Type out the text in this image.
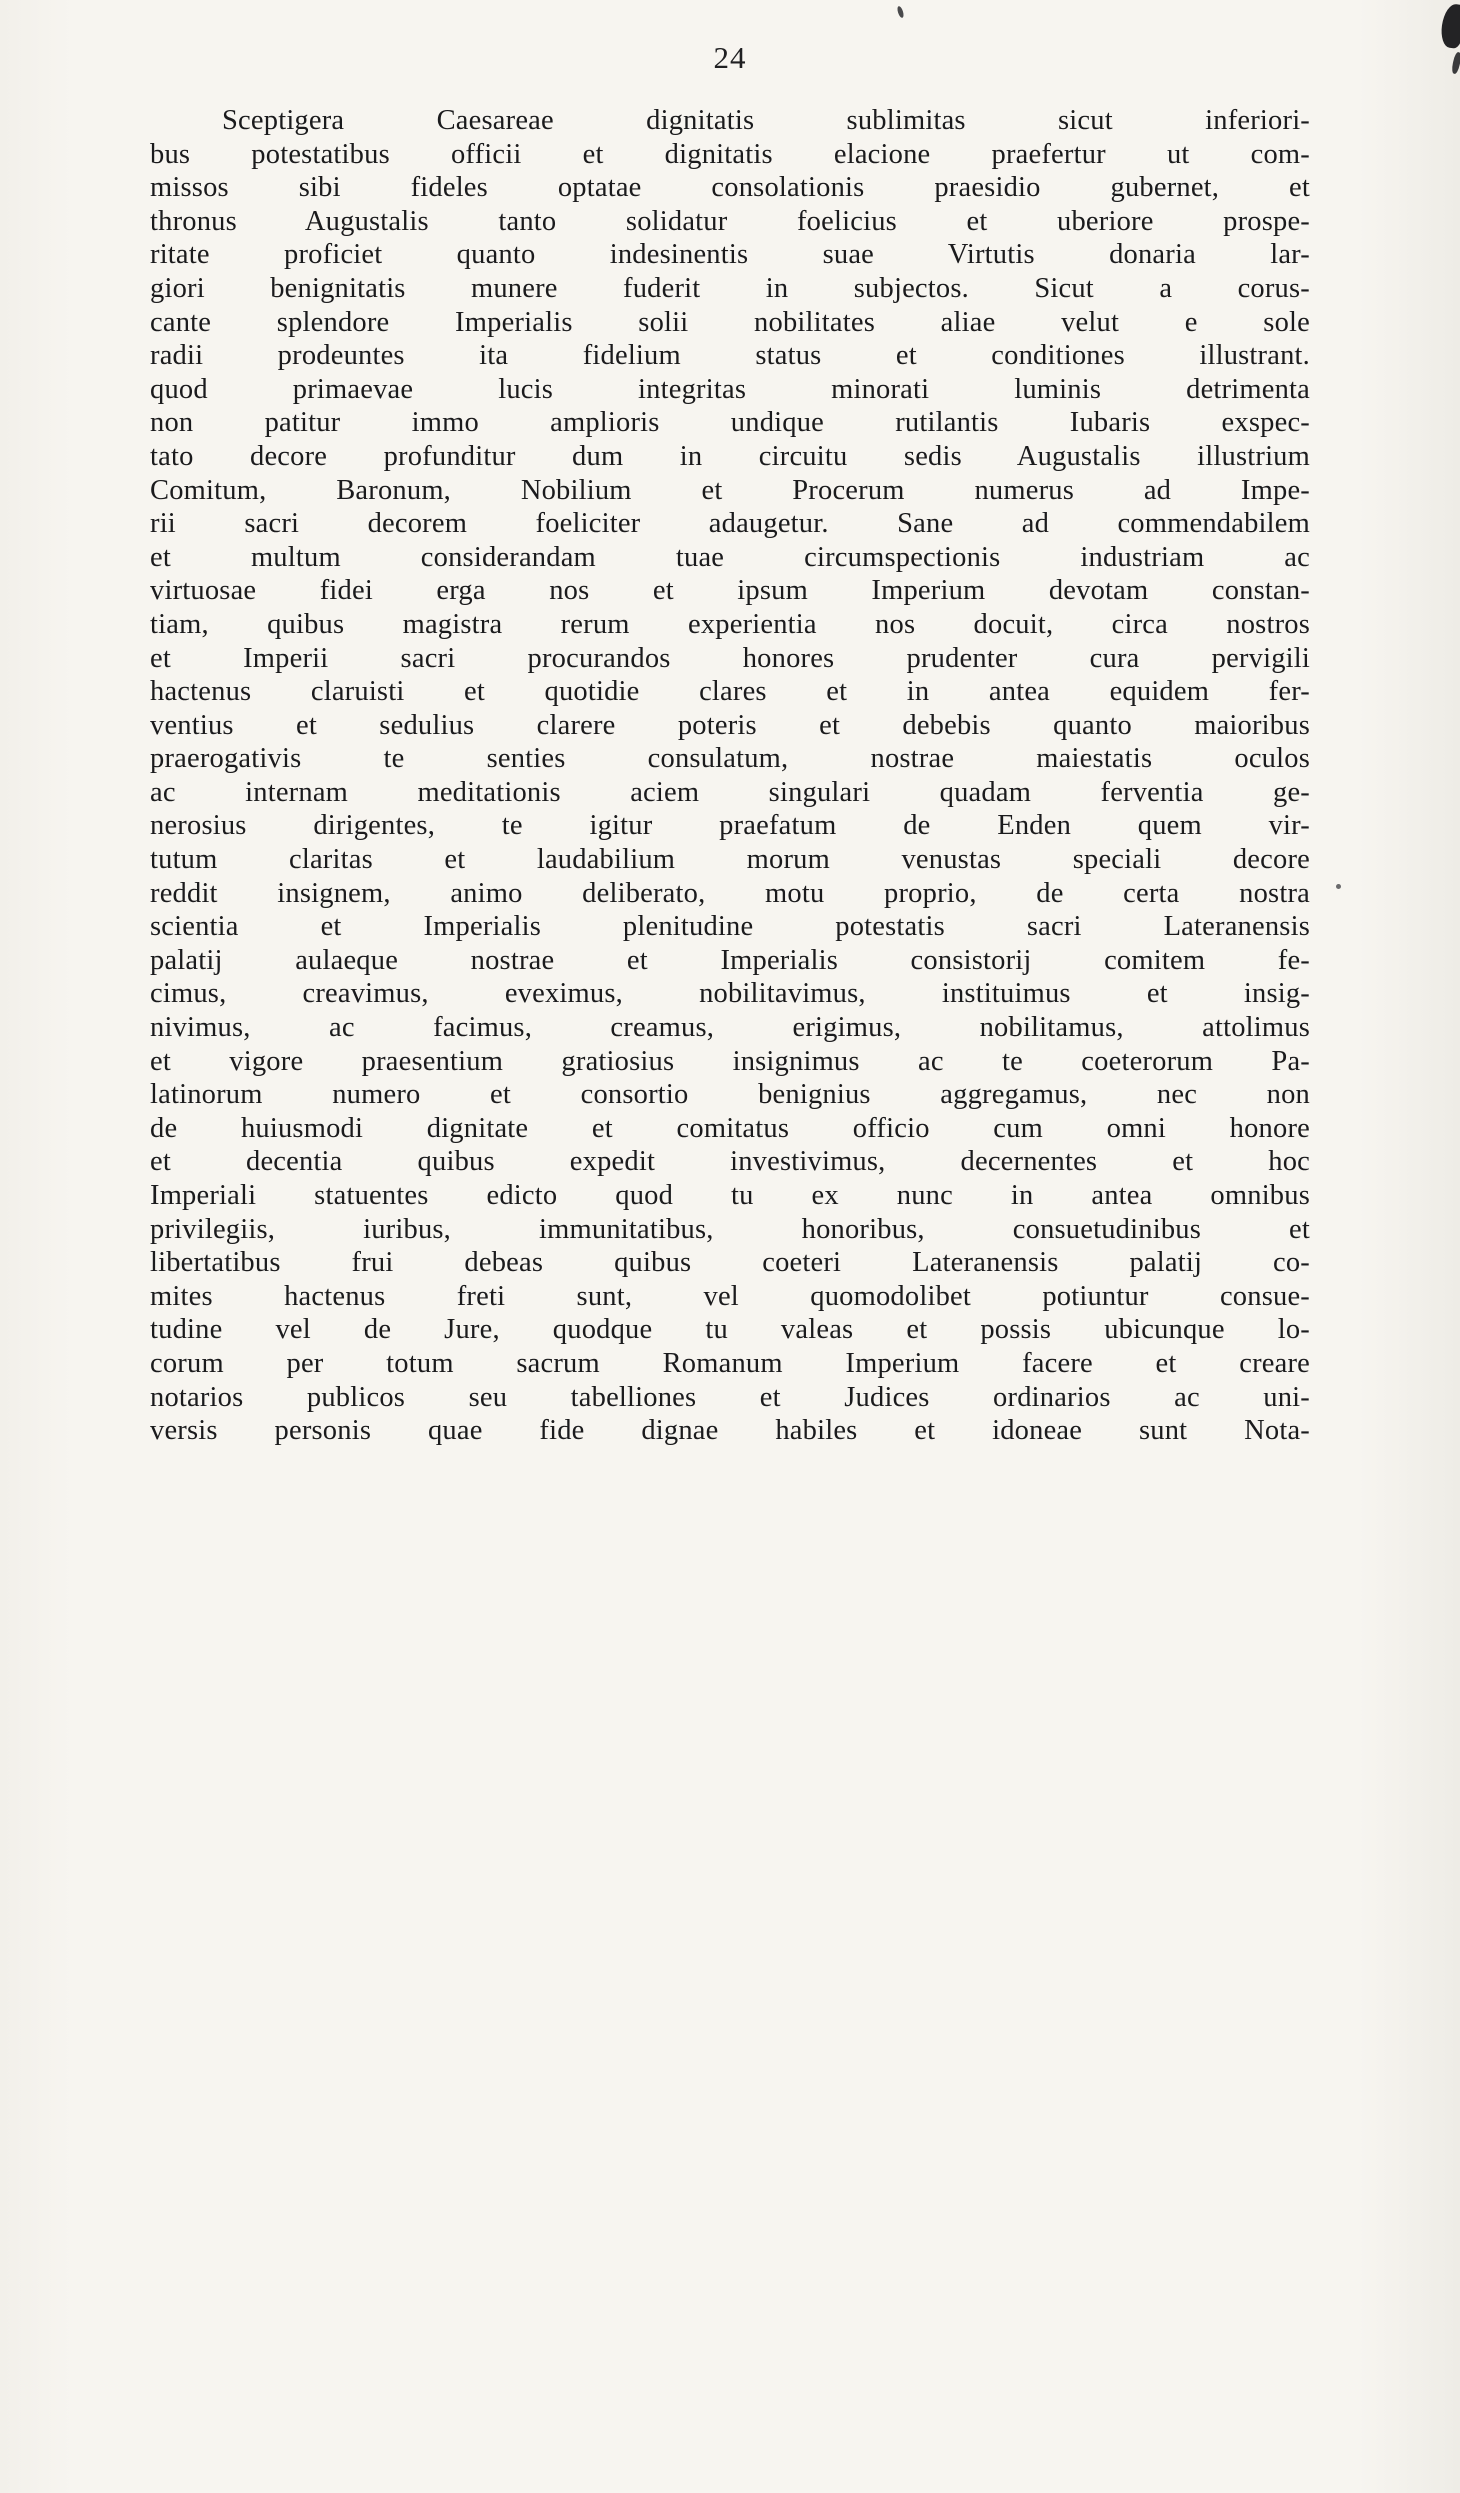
24
Sceptigera Caesareae dignitatis sublimitas sicut inferiori-
bus potestatibus officii et dignitatis elacione praefertur ut com-
missos sibi fideles optatae consolationis praesidio gubernet, et
thronus Augustalis tanto solidatur foelicius et uberiore prospe-
ritate proficiet quanto indesinentis suae Virtutis donaria lar-
giori benignitatis munere fuderit in subjectos. Sicut a corus-
cante splendore Imperialis solii nobilitates aliae velut e sole
radii prodeuntes ita fidelium status et conditiones illustrant.
quod primaevae lucis integritas minorati luminis detrimenta
non patitur immo amplioris undique rutilantis Iubaris exspec-
tato decore profunditur dum in circuitu sedis Augustalis illustrium
Comitum, Baronum, Nobilium et Procerum numerus ad Impe-
rii sacri decorem foeliciter adaugetur. Sane ad commendabilem
et multum considerandam tuae circumspectionis industriam ac
virtuosae fidei erga nos et ipsum Imperium devotam constan-
tiam, quibus magistra rerum experientia nos docuit, circa nostros
et Imperii sacri procurandos honores prudenter cura pervigili
hactenus claruisti et quotidie clares et in antea equidem fer-
ventius et sedulius clarere poteris et debebis quanto maioribus
praerogativis te senties consulatum, nostrae maiestatis oculos
ac internam meditationis aciem singulari quadam ferventia ge-
nerosius dirigentes, te igitur praefatum de Enden quem vir-
tutum claritas et laudabilium morum venustas speciali decore
reddit insignem, animo deliberato, motu proprio, de certa nostra
scientia et Imperialis plenitudine potestatis sacri Lateranensis
palatij aulaeque nostrae et Imperialis consistorij comitem fe-
cimus, creavimus, eveximus, nobilitavimus, instituimus et insig-
nivimus, ac facimus, creamus, erigimus, nobilitamus, attolimus
et vigore praesentium gratiosius insignimus ac te coeterorum Pa-
latinorum numero et consortio benignius aggregamus, nec non
de huiusmodi dignitate et comitatus officio cum omni honore
et decentia quibus expedit investivimus, decernentes et hoc
Imperiali statuentes edicto quod tu ex nunc in antea omnibus
privilegiis, iuribus, immunitatibus, honoribus, consuetudinibus et
libertatibus frui debeas quibus coeteri Lateranensis palatij co-
mites hactenus freti sunt, vel quomodolibet potiuntur consue-
tudine vel de Jure, quodque tu valeas et possis ubicunque lo-
corum per totum sacrum Romanum Imperium facere et creare
notarios publicos seu tabelliones et Judices ordinarios ac uni-
versis personis quae fide dignae habiles et idoneae sunt Nota-
